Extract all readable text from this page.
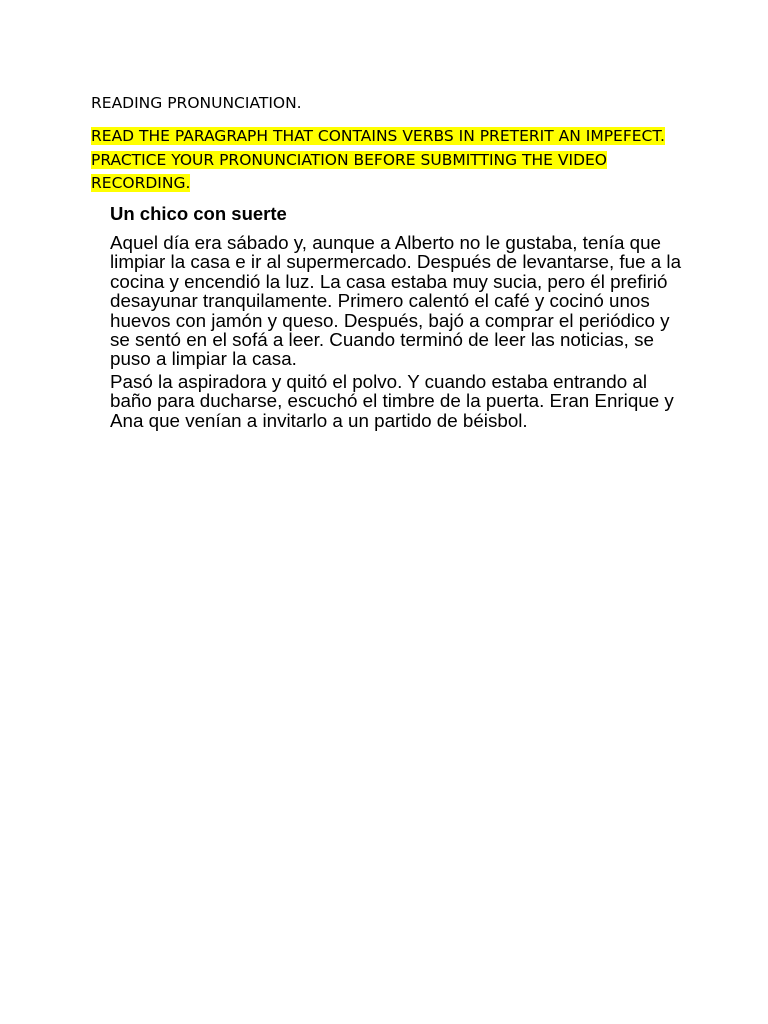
READING PRONUNCIATION.

READ THE PARAGRAPH THAT CONTAINS VERBS IN PRETERIT AN IMPEFECT. PRACTICE YOUR PRONUNCIATION BEFORE SUBMITTING THE VIDEO RECORDING.

Un chico con suerte

Aquel día era sábado y, aunque a Alberto no le gustaba, tenía que limpiar la casa e ir al supermercado. Después de levantarse, fue a la cocina y encendió la luz. La casa estaba muy sucia, pero él prefirió desayunar tranquilamente. Primero calentó el café y cocinó unos huevos con jamón y queso. Después, bajó a comprar el periódico y se sentó en el sofá a leer. Cuando terminó de leer las noticias, se puso a limpiar la casa.

Pasó la aspiradora y quitó el polvo. Y cuando estaba entrando al baño para ducharse, escuchó el timbre de la puerta. Eran Enrique y Ana que venían a invitarlo a un partido de béisbol.
